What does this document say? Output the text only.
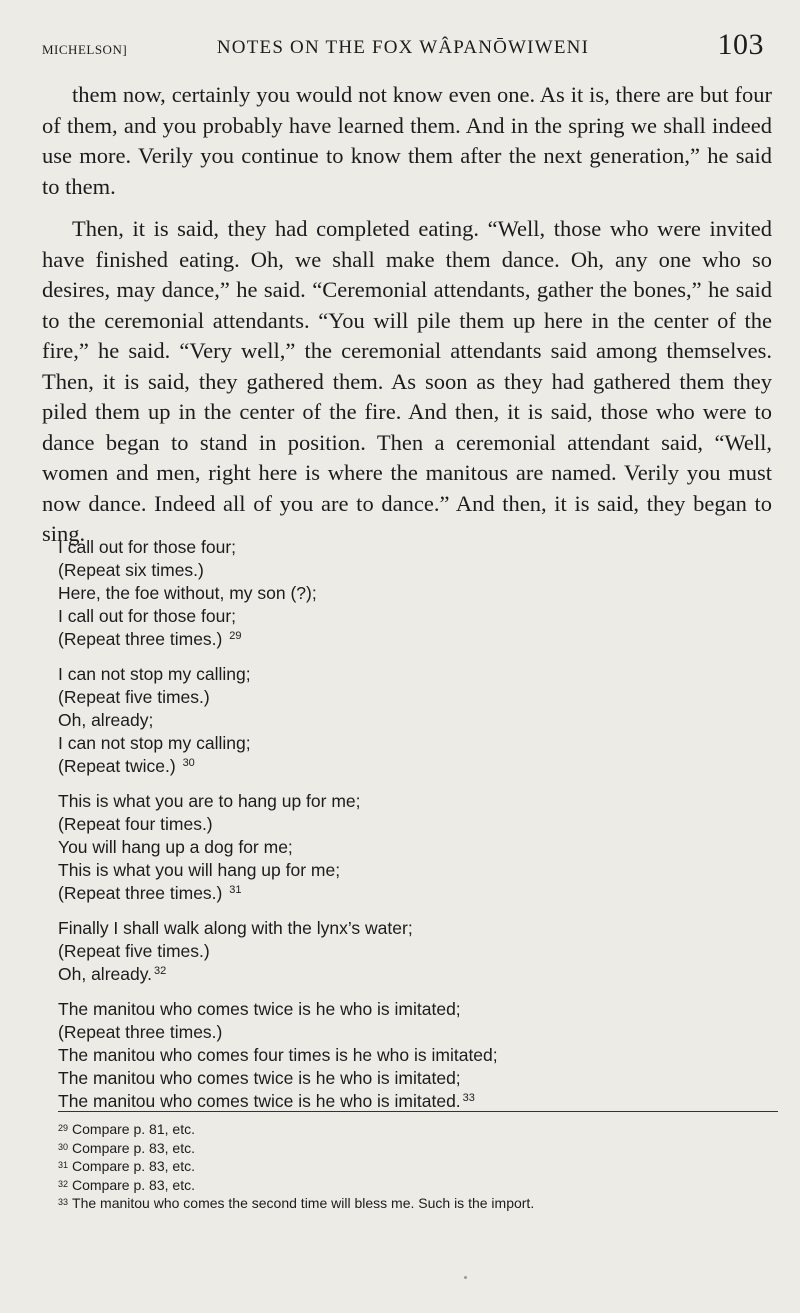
MICHELSON]	NOTES ON THE FOX WÂPANŌWIWENI	103

them now, certainly you would not know even one. As it is, there are but four of them, and you probably have learned them. And in the spring we shall indeed use more. Verily you continue to know them after the next generation,” he said to them.

Then, it is said, they had completed eating. “Well, those who were invited have finished eating. Oh, we shall make them dance. Oh, any one who so desires, may dance,” he said. “Ceremonial attendants, gather the bones,” he said to the ceremonial attendants. “You will pile them up here in the center of the fire,” he said. “Very well,” the ceremonial attendants said among themselves. Then, it is said, they gathered them. As soon as they had gathered them they piled them up in the center of the fire. And then, it is said, those who were to dance began to stand in position. Then a ceremonial attendant said, “Well, women and men, right here is where the manitous are named. Verily you must now dance. Indeed all of you are to dance.” And then, it is said, they began to sing.

I call out for those four;
(Repeat six times.)
Here, the foe without, my son (?);
I call out for those four;
(Repeat three times.) $^{29}$
I can not stop my calling;
(Repeat five times.)
Oh, already;
I can not stop my calling;
(Repeat twice.) $^{30}$
This is what you are to hang up for me;
(Repeat four times.)
You will hang up a dog for me;
This is what you will hang up for me;
(Repeat three times.) $^{31}$
Finally I shall walk along with the lynx’s water;
(Repeat five times.)
Oh, already. $^{32}$
The manitou who comes twice is he who is imitated;
(Repeat three times.)
The manitou who comes four times is he who is imitated;
The manitou who comes twice is he who is imitated;
The manitou who comes twice is he who is imitated. $^{33}$
$^{29}$ Compare p. 81, etc.
$^{30}$ Compare p. 83, etc.
$^{31}$ Compare p. 83, etc.
$^{32}$ Compare p. 83, etc.
$^{33}$ The manitou who comes the second time will bless me. Such is the import.
